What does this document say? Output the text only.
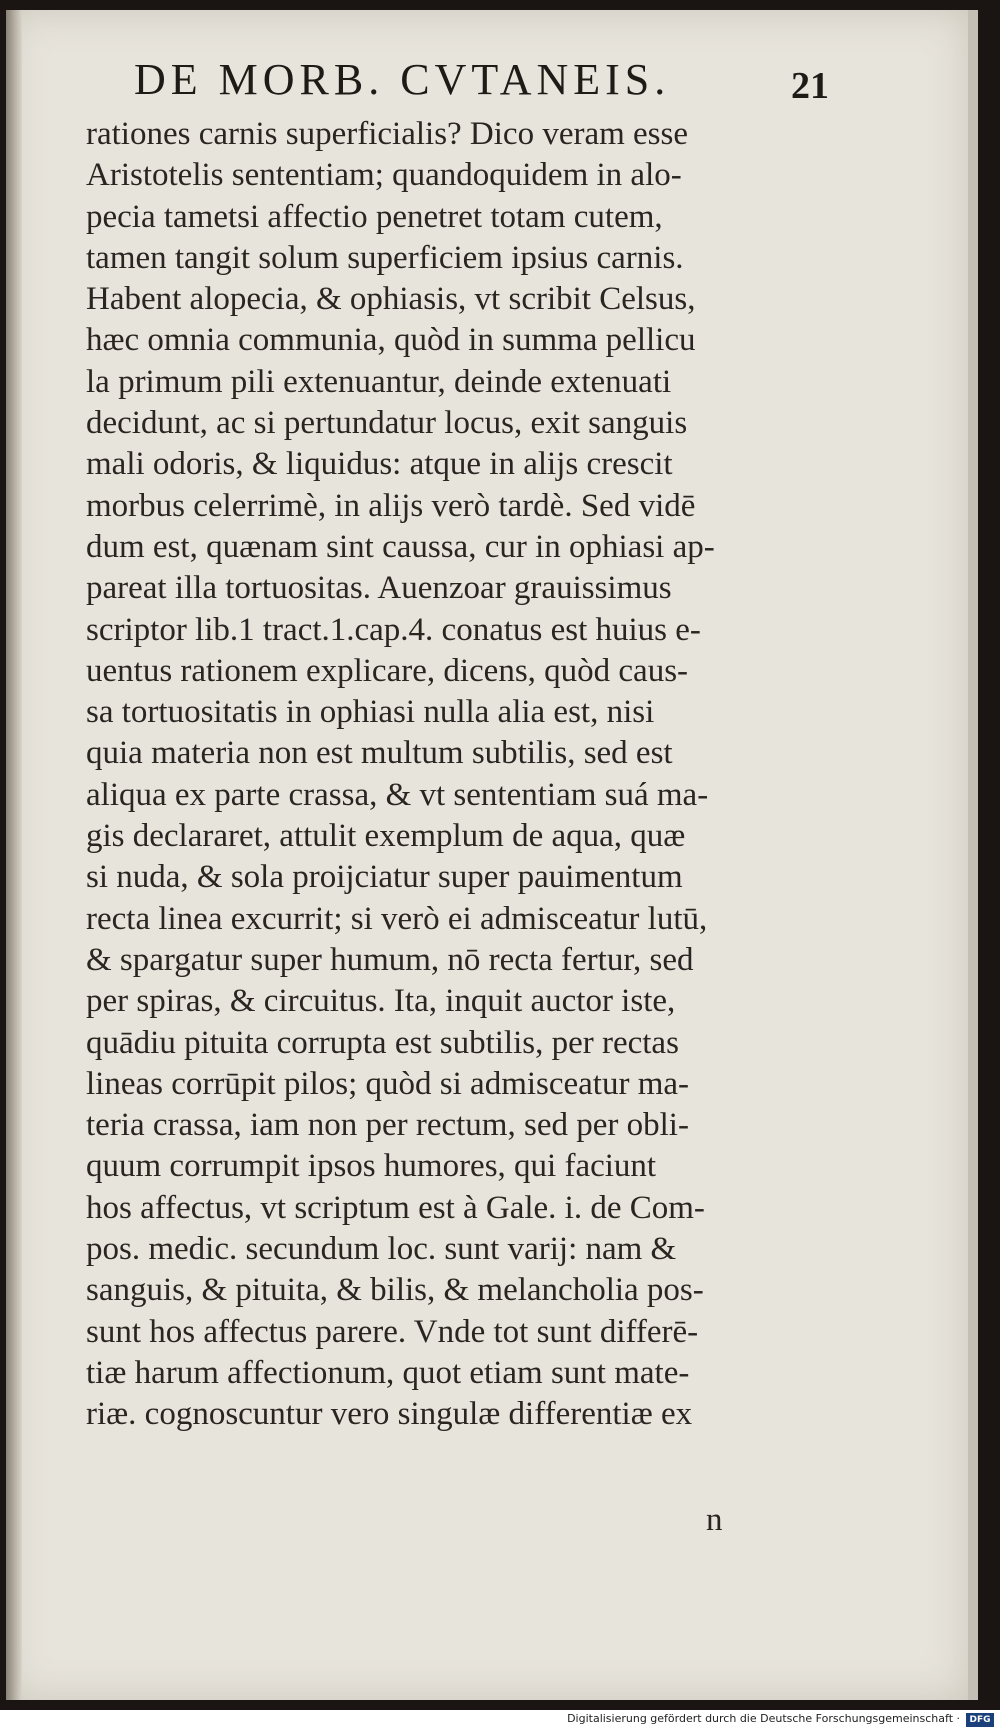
DE MORB. CVTANEIS.	21
rationes carnis superficialis? Dico veram esse
Aristotelis sententiam; quandoquidem in alo-
pecia tametsi affectio penetret totam cutem,
tamen tangit solum superficiem ipsius carnis.
Habent alopecia, & ophiasis, vt scribit Celsus,
hæc omnia communia, quòd in summa pellicu
la primum pili extenuantur, deinde extenuati
decidunt, ac si pertundatur locus, exit sanguis
mali odoris, & liquidus: atque in alijs crescit
morbus celerrimè, in alijs verò tardè. Sed vidē
dum est, quænam sint caussa, cur in ophiasi ap-
pareat illa tortuositas. Auenzoar grauissimus
scriptor lib.1 tract.1.cap.4. conatus est huius e-
uentus rationem explicare, dicens, quòd caus-
sa tortuositatis in ophiasi nulla alia est, nisi
quia materia non est multum subtilis, sed est
aliqua ex parte crassa, & vt sententiam suá ma-
gis declararet, attulit exemplum de aqua, quæ
si nuda, & sola proijciatur super pauimentum
recta linea excurrit; si verò ei admisceatur lutū,
& spargatur super humum, nō recta fertur, sed
per spiras, & circuitus. Ita, inquit auctor iste,
quādiu pituita corrupta est subtilis, per rectas
lineas corrūpit pilos; quòd si admisceatur ma-
teria crassa, iam non per rectum, sed per obli-
quum corrumpit ipsos humores, qui faciunt
hos affectus, vt scriptum est à Gale. i. de Com-
pos. medic. secundum loc. sunt varij: nam &
sanguis, & pituita, & bilis, & melancholia pos-
sunt hos affectus parere. Vnde tot sunt differē-
tiæ harum affectionum, quot etiam sunt mate-
riæ. cognoscuntur vero singulæ differentiæ ex
n
Digitalisierung gefördert durch die Deutsche Forschungsgemeinschaft ·	DFG
